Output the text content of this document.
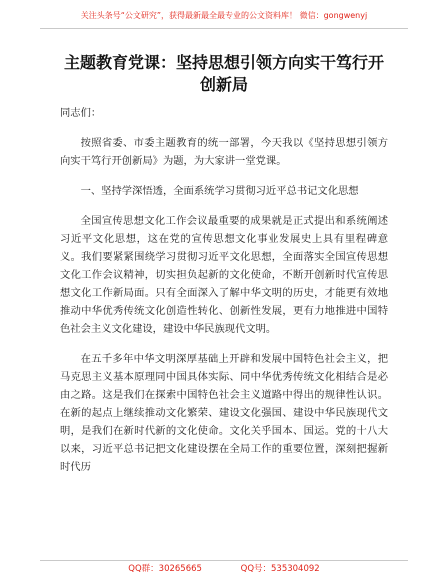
关注头条号“公文研究”，获得最新最全最专业的公文资料库！ 微信：gongwenyj
主题教育党课：坚持思想引领方向实干笃行开创新局

同志们：

按照省委、市委主题教育的统一部署，今天我以《坚持思想引领方向实干笃行开创新局》为题，为大家讲一堂党课。

一、坚持学深悟透，全面系统学习贯彻习近平总书记文化思想

全国宣传思想文化工作会议最重要的成果就是正式提出和系统阐述习近平文化思想，这在党的宣传思想文化事业发展史上具有里程碑意义。我们要紧紧围绕学习贯彻习近平文化思想，全面落实全国宣传思想文化工作会议精神，切实担负起新的文化使命，不断开创新时代宣传思想文化工作新局面。只有全面深入了解中华文明的历史，才能更有效地推动中华优秀传统文化创造性转化、创新性发展，更有力地推进中国特色社会主义文化建设，建设中华民族现代文明。

在五千多年中华文明深厚基础上开辟和发展中国特色社会主义，把马克思主义基本原理同中国具体实际、同中华优秀传统文化相结合是必由之路。这是我们在探索中国特色社会主义道路中得出的规律性认识。在新的起点上继续推动文化繁荣、建设文化强国、建设中华民族现代文明，是我们在新时代新的文化使命。文化关乎国本、国运。党的十八大以来，习近平总书记把文化建设摆在全局工作的重要位置，深刻把握新时代历

QQ群：30265665	QQ号：535304092
